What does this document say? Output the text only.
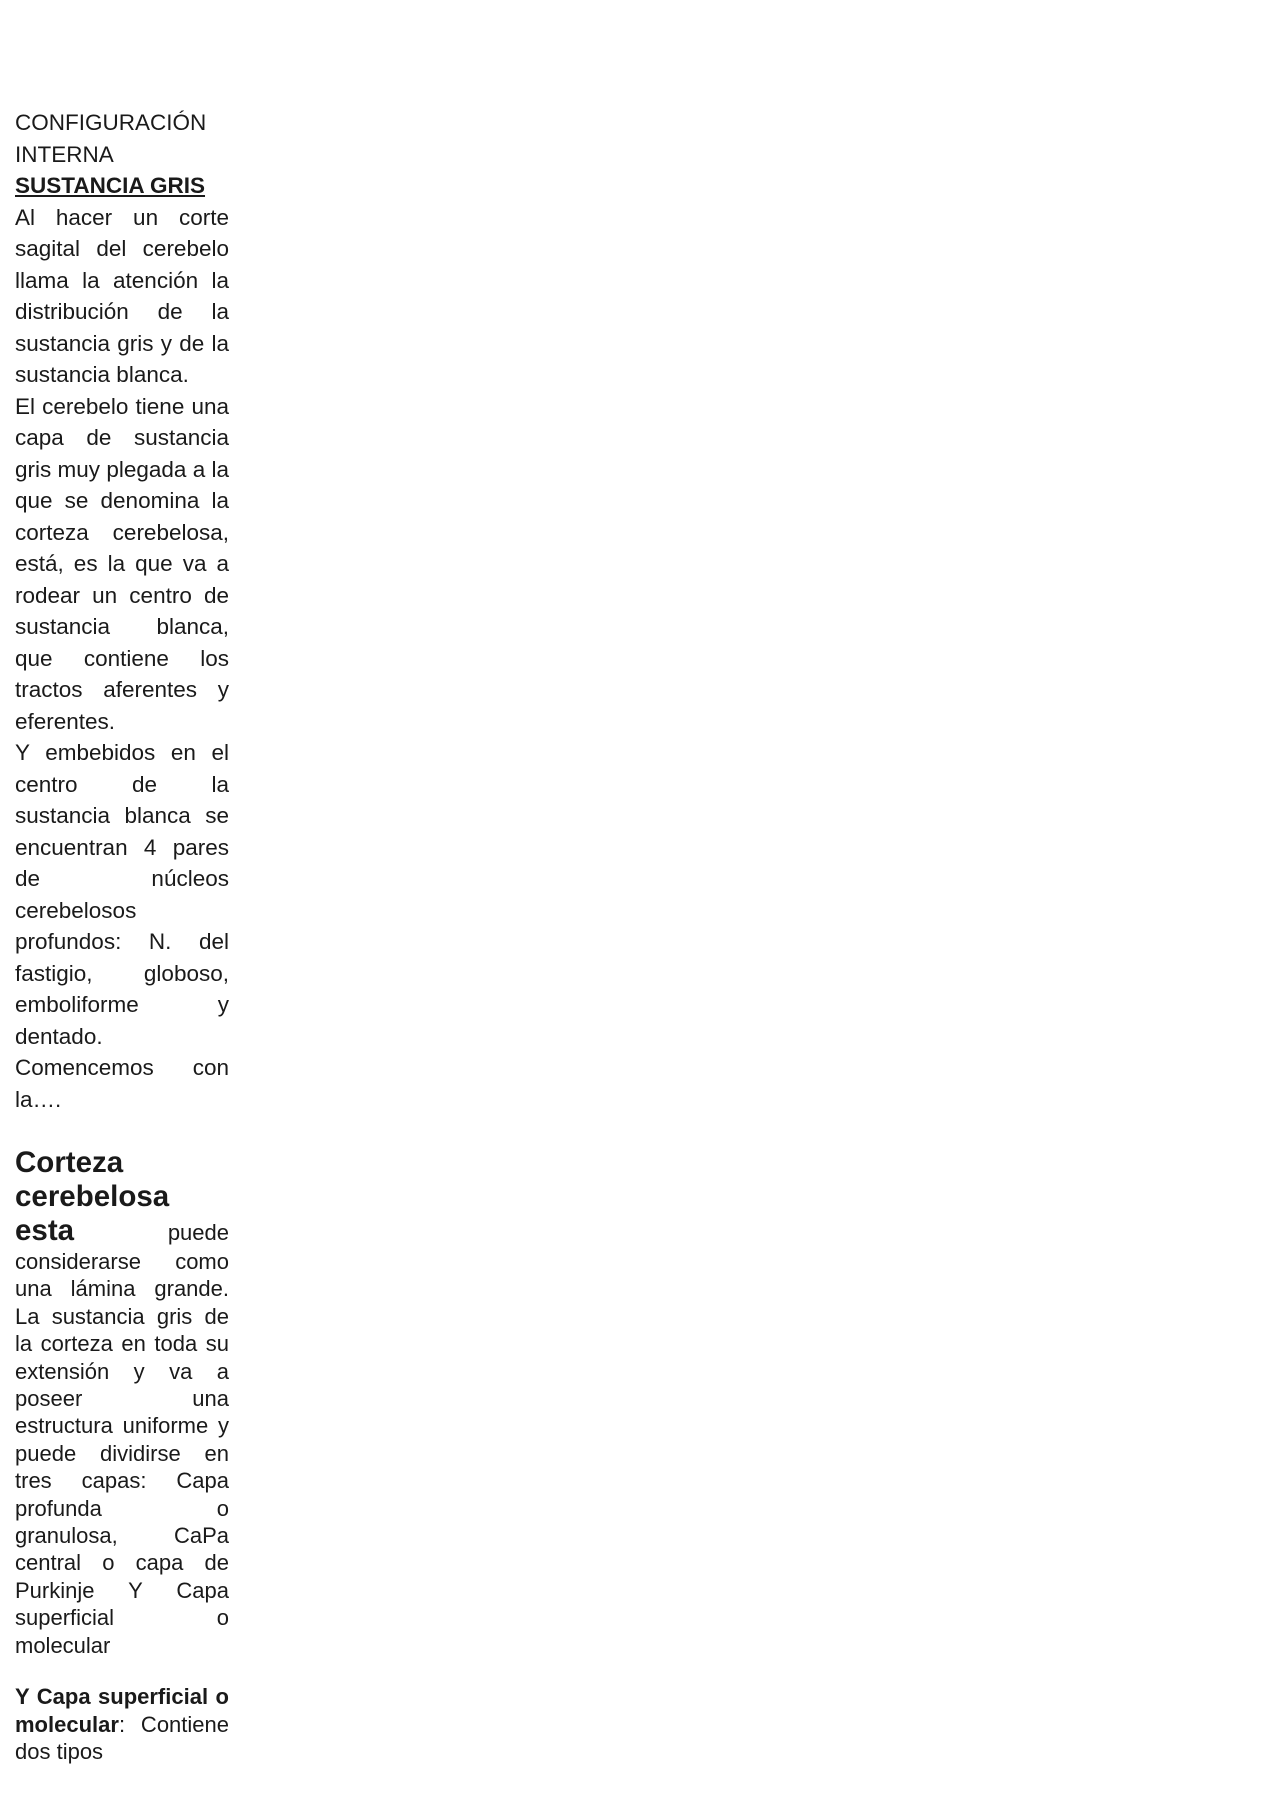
CONFIGURACIÓN

INTERNA

SUSTANCIA GRIS

Al hacer un corte sagital del cerebelo llama la atención la distribución de la sustancia gris y de la sustancia blanca.

El cerebelo tiene una capa de sustancia gris muy plegada a la que se denomina la corteza cerebelosa, está, es la que va a rodear un centro de sustancia blanca, que contiene los tractos aferentes y eferentes.

Y embebidos en el centro de la sustancia blanca se encuentran 4 pares de núcleos cerebelosos profundos: N. del fastigio, globoso, emboliforme y dentado.

Comencemos con la….

Corteza cerebelosa esta puede considerarse como una lámina grande. La sustancia gris de la corteza en toda su extensión y va a poseer una estructura uniforme y puede dividirse en tres capas: Capa profunda o granulosa, CaPa central o capa de Purkinje Y Capa superficial o molecular

Y Capa superficial o molecular: Contiene dos tipos
